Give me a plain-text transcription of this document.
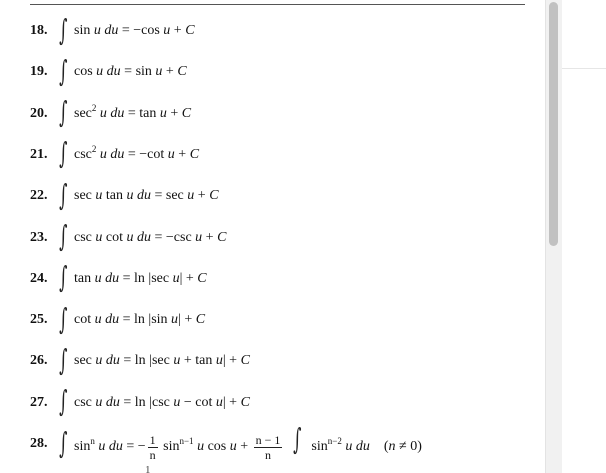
18. ∫ sin u du = −cos u + C
19. ∫ cos u du = sin u + C
20. ∫ $\sec^2 u$ du = tan u + C
21. ∫ $\csc^2 u$ du = −cot u + C
22. ∫ sec u tan u du = sec u + C
23. ∫ csc u cot u du = −csc u + C
24. ∫ tan u du = ln |sec u| + C
25. ∫ cot u du = ln |sin u| + C
26. ∫ sec u du = ln |sec u + tan u| + C
27. ∫ csc u du = ln |csc u − cot u| + C
28. ∫ $\sin^n u$ du = − $\frac{1}{n} \sin^{n-1} u$ $\cos u + \frac{n - 1}{n}$ ∫ $\sin^{n-2} u$ du    (n ≠ 0)
1
